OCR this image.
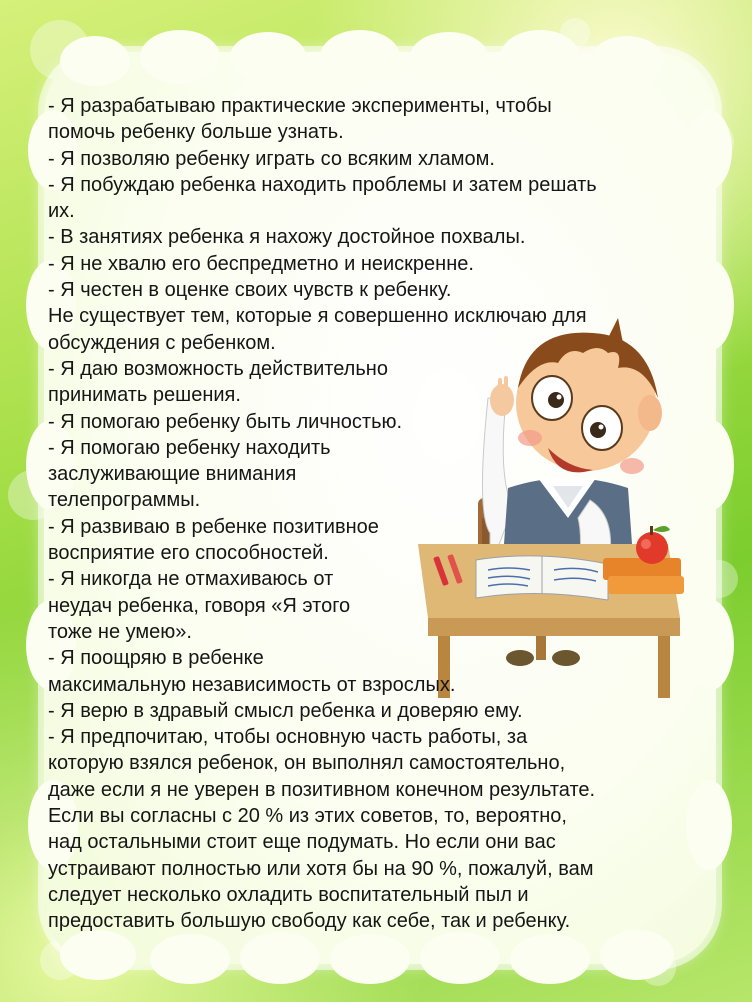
- Я разрабатываю практические эксперименты, чтобы
помочь ребенку больше узнать.
- Я позволяю ребенку играть со всяким хламом.
- Я побуждаю ребенка находить проблемы и затем решать
их.
- В занятиях ребенка я нахожу достойное похвалы.
- Я не хвалю его беспредметно и неискренне.
- Я честен в оценке своих чувств к ребенку.
Не существует тем, которые я совершенно исключаю для
обсуждения с ребенком.
- Я даю возможность действительно
принимать решения.
- Я помогаю ребенку быть личностью.
- Я помогаю ребенку находить
заслуживающие внимания
телепрограммы.
- Я развиваю в ребенке позитивное
восприятие его способностей.
- Я никогда не отмахиваюсь от
неудач ребенка, говоря «Я этого
тоже не умею».
- Я поощряю в ребенке
максимальную независимость от взрослых.
- Я верю в здравый смысл ребенка и доверяю ему.
- Я предпочитаю, чтобы основную часть работы, за
которую взялся ребенок, он выполнял самостоятельно,
даже если я не уверен в позитивном конечном результате.
Если вы согласны с 20 % из этих советов, то, вероятно,
над остальными стоит еще подумать. Но если они вас
устраивают полностью или хотя бы на 90 %, пожалуй, вам
следует несколько охладить воспитательный пыл и
предоставить большую свободу как себе, так и ребенку.
